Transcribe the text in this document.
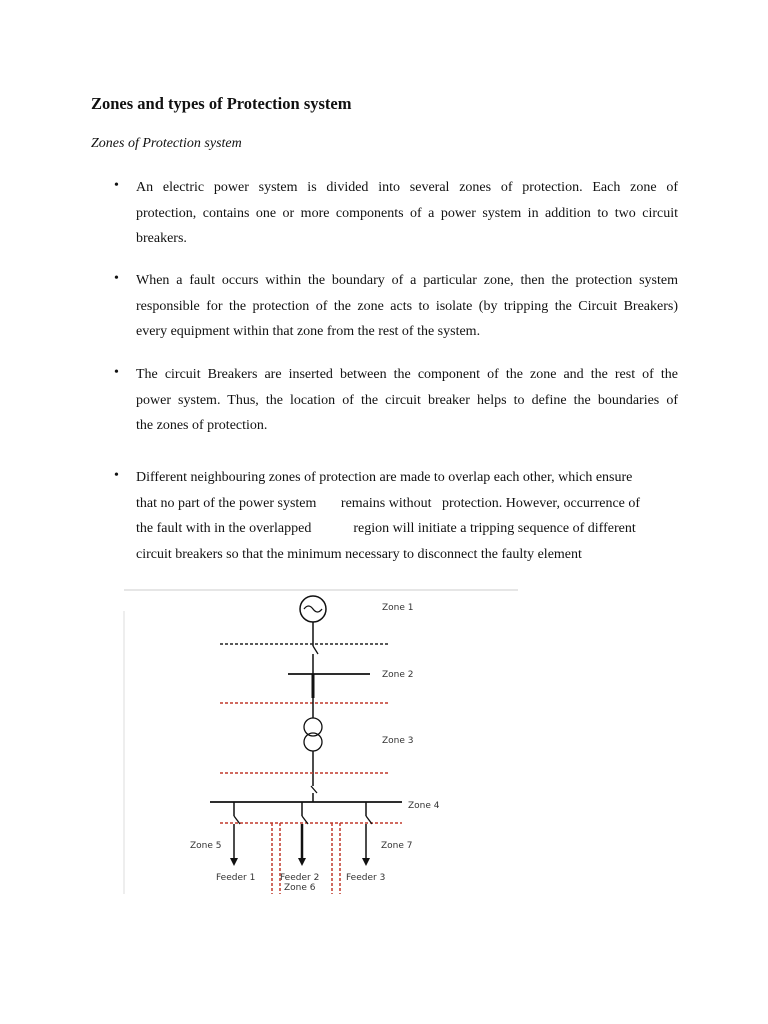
Zones and types of Protection system

Zones of Protection system

• An electric power system is divided into several zones of protection. Each zone of
protection, contains one or more components of a power system in addition to two circuit
breakers.
• When a fault occurs within the boundary of a particular zone, then the protection system
responsible for the protection of the zone acts to isolate (by tripping the Circuit Breakers)
every equipment within that zone from the rest of the system.
• The circuit Breakers are inserted between the component of the zone and the rest of the
power system. Thus, the location of the circuit breaker helps to define the boundaries of
the zones of protection.
• Different neighbouring zones of protection are made to overlap each other, which ensure
that no part of the power system       remains without   protection. However, occurrence of
the fault with in the overlapped            region will initiate a tripping sequence of different
circuit breakers so that the minimum necessary to disconnect the faulty element
Zone 1
Zone 2
Zone 3
Zone 4
Zone 5
Zone 6
Zone 7
Feeder 1	Feeder 2	Feeder 3
